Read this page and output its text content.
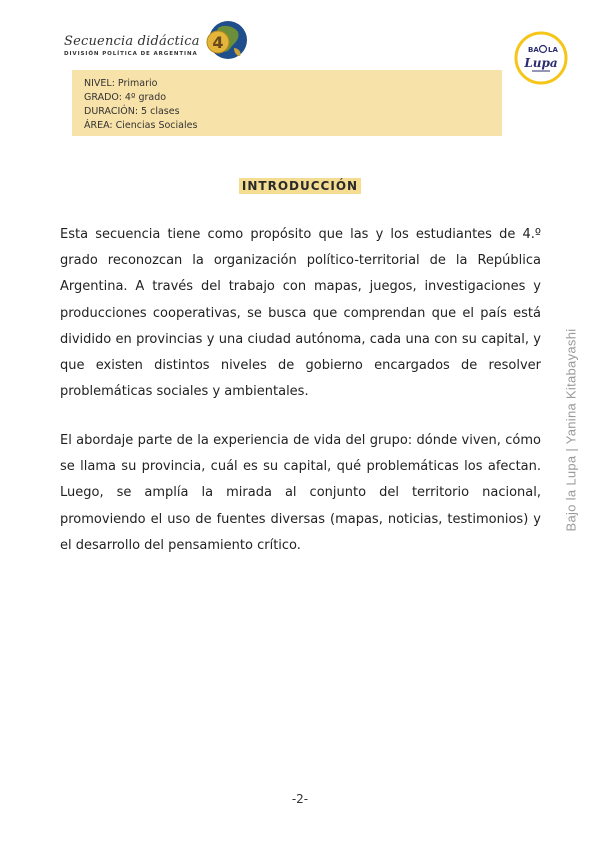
Secuencia didáctica
DIVISIÓN POLÍTICA DE ARGENTINA
4	BA LA
Lupa
NIVEL: Primario
GRADO: 4º grado
DURACIÓN: 5 clases
ÁREA: Ciencias Sociales
INTRODUCCIÓN

Esta secuencia tiene como propósito que las y los estudiantes de 4.º grado reconozcan la organización político-territorial de la República Argentina. A través del trabajo con mapas, juegos, investigaciones y producciones cooperativas, se busca que comprendan que el país está dividido en provincias y una ciudad autónoma, cada una con su capital, y que existen distintos niveles de gobierno encargados de resolver problemáticas sociales y ambientales.

El abordaje parte de la experiencia de vida del grupo: dónde viven, cómo se llama su provincia, cuál es su capital, qué problemáticas los afectan. Luego, se amplía la mirada al conjunto del territorio nacional, promoviendo el uso de fuentes diversas (mapas, noticias, testimonios) y el desarrollo del pensamiento crítico.

Bajo la Lupa | Yanina Kitabayashi
-2-
